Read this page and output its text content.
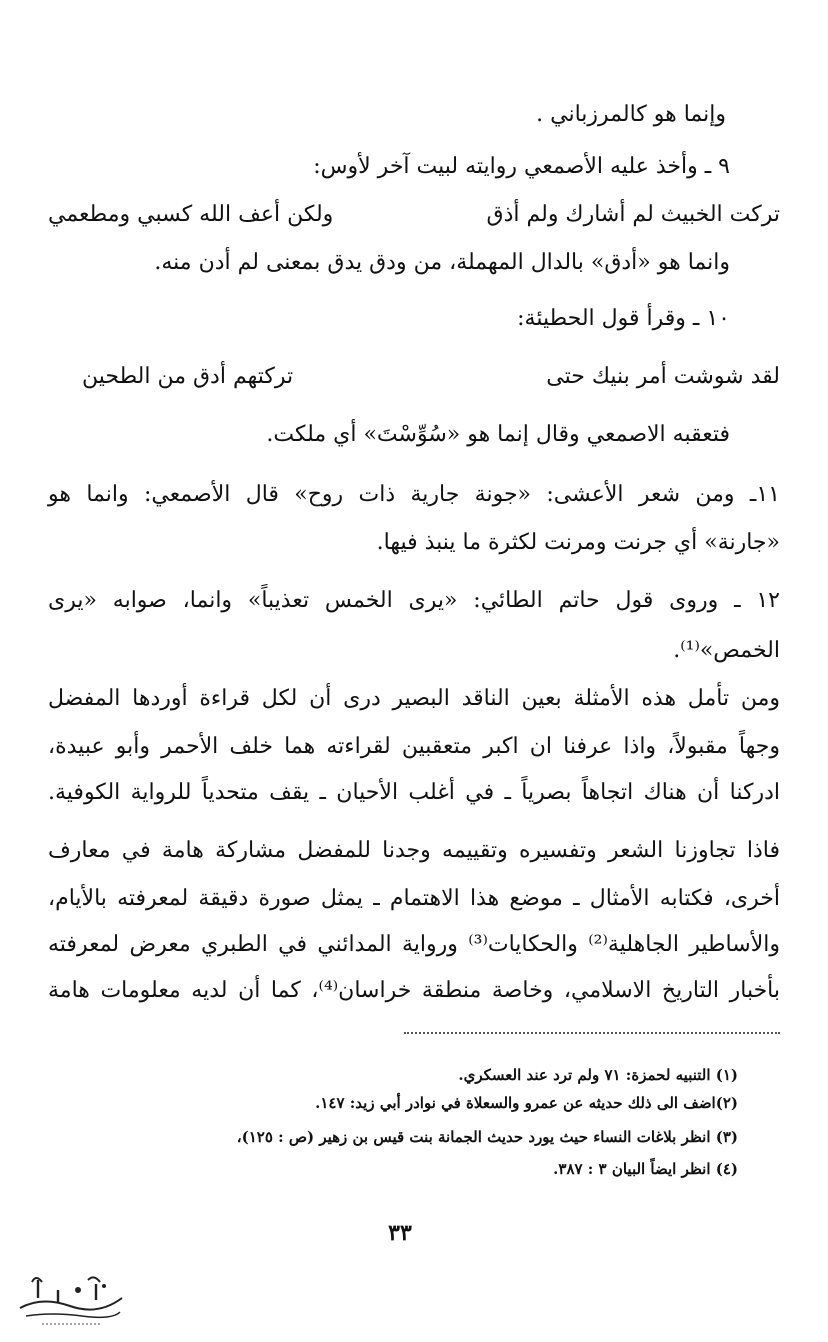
وإنما هو كالمرزباني .
٩ ـ وأخذ عليه الأصمعي روايته لبيت آخر لأوس:
تركت الخبيث لم أشارك ولم أذق
ولكن أعف الله كسبي ومطعمي
وانما هو «أدق» بالدال المهملة، من ودق يدق بمعنى لم أدن منه.
١٠ ـ وقرأ قول الحطيئة:
لقد شوشت أمر بنيك حتى
تركتهم أدق من الطحين
فتعقبه الاصمعي وقال إنما هو «سُوِّسْتَ» أي ملكت.
١١ـ ومن شعر الأعشى: «جونة جارية ذات روح» قال الأصمعي: وانما هو
«جارنة» أي جرنت ومرنت لكثرة ما ينبذ فيها.
١٢ ـ وروى قول حاتم الطائي: «يرى الخمس تعذيباً» وانما، صوابه «يرى
الخمص»⁽¹⁾.
ومن تأمل هذه الأمثلة بعين الناقد البصير درى أن لكل قراءة أوردها المفضل
وجهاً مقبولاً، واذا عرفنا ان اكبر متعقبين لقراءته هما خلف الأحمر وأبو عبيدة،
ادركنا أن هناك اتجاهاً بصرياً ـ في أغلب الأحيان ـ يقف متحدياً للرواية الكوفية.
فاذا تجاوزنا الشعر وتفسيره وتقييمه وجدنا للمفضل مشاركة هامة في معارف
أخرى، فكتابه الأمثال ـ موضع هذا الاهتمام ـ يمثل صورة دقيقة لمعرفته بالأيام،
والأساطير الجاهلية⁽²⁾ والحكايات⁽³⁾ ورواية المدائني في الطبري معرض لمعرفته
بأخبار التاريخ الاسلامي، وخاصة منطقة خراسان⁽⁴⁾، كما أن لديه معلومات هامة
(١) التنبيه لحمزة: ٧١ ولم ترد عند العسكري.
(٢)اضف الى ذلك حديثه عن عمرو والسعلاة في نوادر أبي زيد: ١٤٧.
(٣) انظر بلاغات النساء حيث يورد حديث الجمانة بنت قيس بن زهير (ص : ١٢٥)،
(٤) انظر ايضاً البيان ٣ : ٣٨٧.
٣٣
